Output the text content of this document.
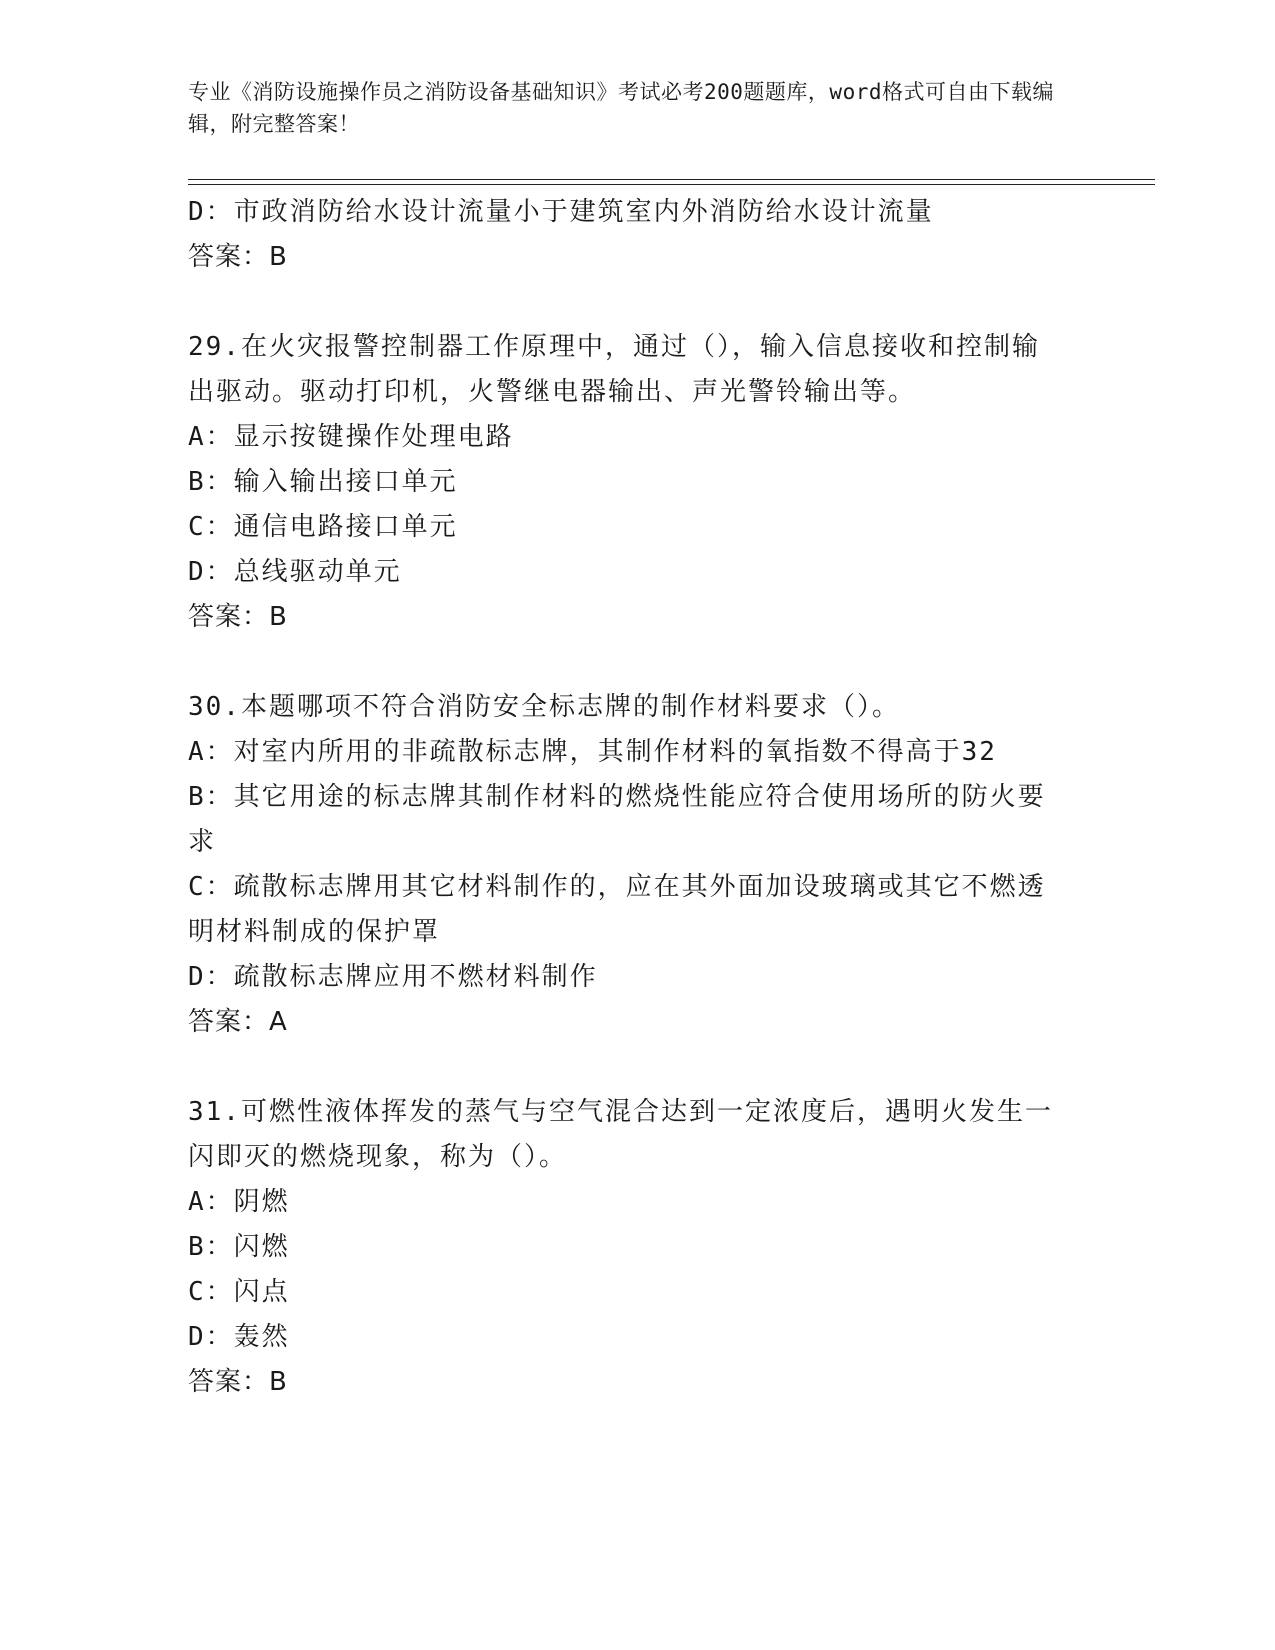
专业《消防设施操作员之消防设备基础知识》考试必考200题题库，word格式可自由下载编辑，附完整答案！
D：市政消防给水设计流量小于建筑室内外消防给水设计流量
答案：B
29.在火灾报警控制器工作原理中，通过（），输入信息接收和控制输
出驱动。驱动打印机，火警继电器输出、声光警铃输出等。
A：显示按键操作处理电路
B：输入输出接口单元
C：通信电路接口单元
D：总线驱动单元
答案：B
30.本题哪项不符合消防安全标志牌的制作材料要求（）。
A：对室内所用的非疏散标志牌，其制作材料的氧指数不得高于32
B：其它用途的标志牌其制作材料的燃烧性能应符合使用场所的防火要
求
C：疏散标志牌用其它材料制作的，应在其外面加设玻璃或其它不燃透
明材料制成的保护罩
D：疏散标志牌应用不燃材料制作
答案：A
31.可燃性液体挥发的蒸气与空气混合达到一定浓度后，遇明火发生一
闪即灭的燃烧现象，称为（）。
A：阴燃
B：闪燃
C：闪点
D：轰然
答案：B
